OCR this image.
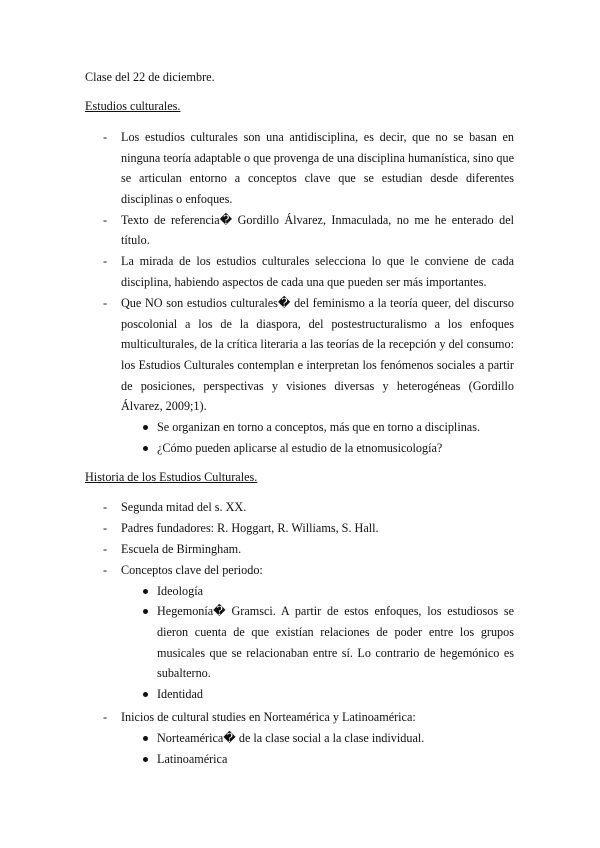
Clase del 22 de diciembre.
Estudios culturales.
- Los estudios culturales son una antidisciplina, es decir, que no se basan en
ninguna teoría adaptable o que provenga de una disciplina humanística, sino que
se articulan entorno a conceptos clave que se estudian desde diferentes
disciplinas o enfoques.
- Texto de referencia� Gordillo Álvarez, Inmaculada, no me he enterado del
título.
- La mirada de los estudios culturales selecciona lo que le conviene de cada
disciplina, habiendo aspectos de cada una que pueden ser más importantes.
- Que NO son estudios culturales� del feminismo a la teoría queer, del discurso
poscolonial a los de la diaspora, del postestructuralismo a los enfoques
multiculturales, de la crítica literaria a las teorías de la recepción y del consumo:
los Estudios Culturales contemplan e interpretan los fenómenos sociales a partir
de posiciones, perspectivas y visiones diversas y heterogéneas (Gordillo
Álvarez, 2009;1).
Se organizan en torno a conceptos, más que en torno a disciplinas.
¿Cómo pueden aplicarse al estudio de la etnomusicología?
Historia de los Estudios Culturales.
- Segunda mitad del s. XX.
- Padres fundadores: R. Hoggart, R. Williams, S. Hall.
- Escuela de Birmingham.
- Conceptos clave del periodo:
Ideología
Hegemonía� Gramsci. A partir de estos enfoques, los estudiosos se
dieron cuenta de que existían relaciones de poder entre los grupos
musicales que se relacionaban entre sí. Lo contrario de hegemónico es
subalterno.
Identidad
- Inicios de cultural studies en Norteamérica y Latinoamérica:
Norteamérica� de la clase social a la clase individual.
Latinoamérica
